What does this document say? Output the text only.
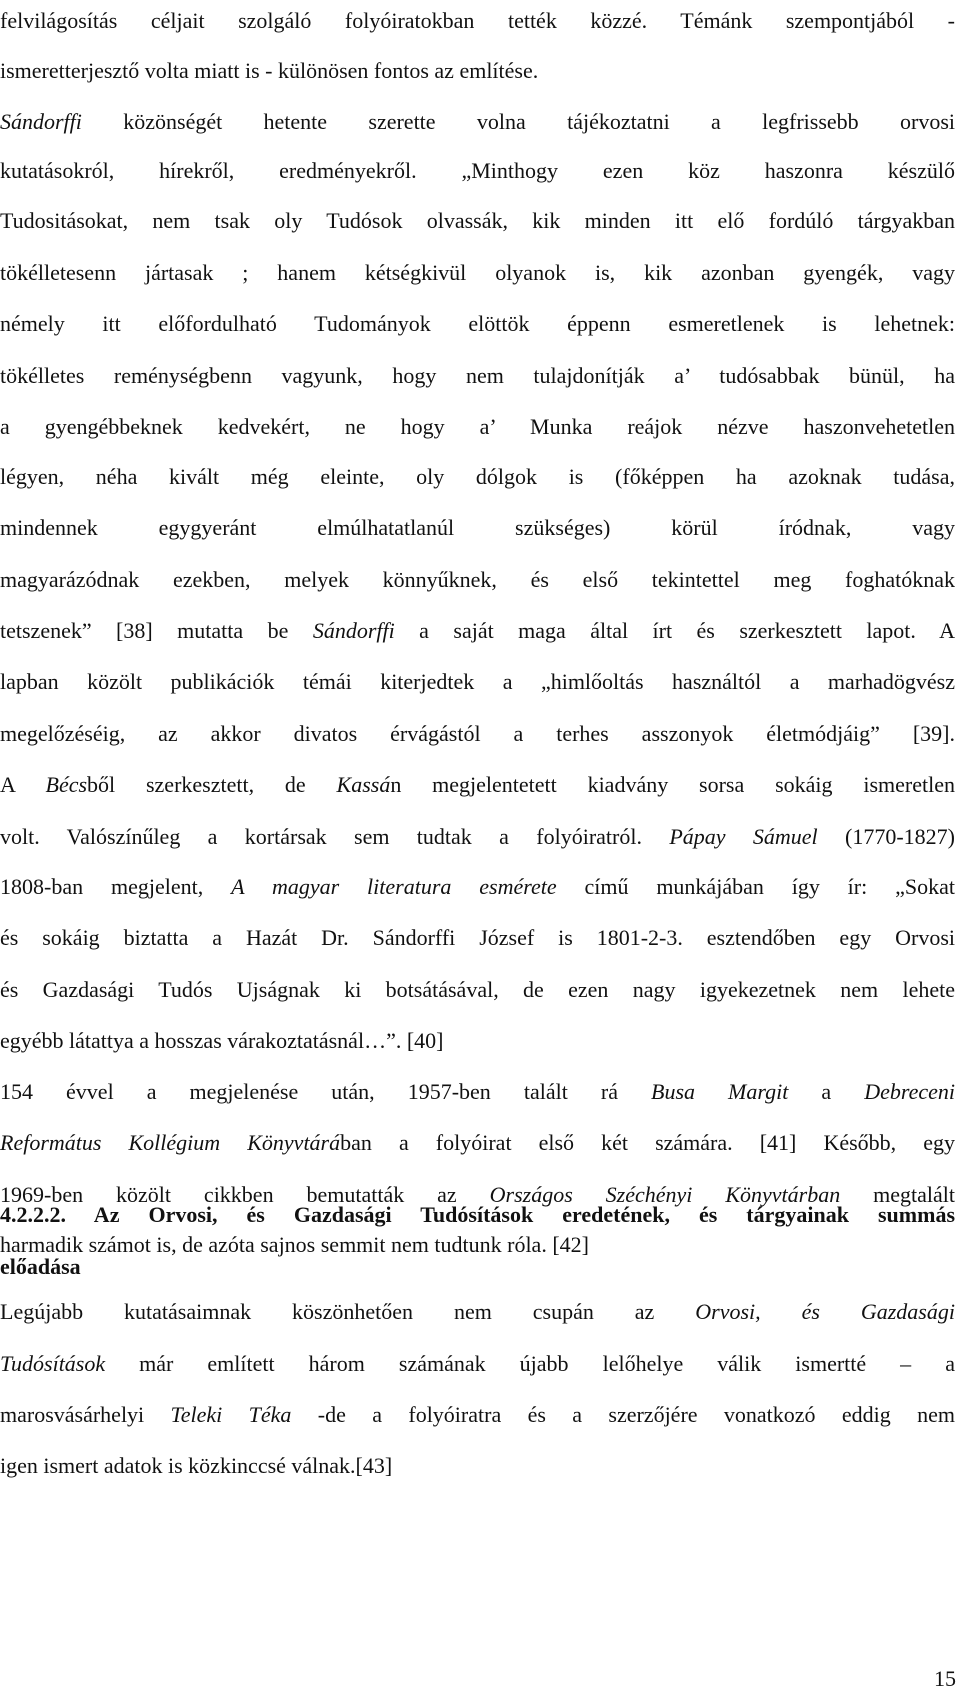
felvilágosítás céljait szolgáló folyóiratokban tették közzé. Témánk szempontjából -
ismeretterjesztő volta miatt is - különösen fontos az említése.
Sándorffi közönségét hetente szerette volna tájékoztatni a legfrissebb orvosi
kutatásokról, hírekről, eredményekről. „Minthogy ezen köz haszonra készülő
Tudositásokat, nem tsak oly Tudósok olvassák, kik minden itt elő fordúló tárgyakban
tökélletesenn jártasak ; hanem kétségkivül olyanok is, kik azonban gyengék, vagy
némely itt előfordulható Tudományok elöttök éppenn esmeretlenek is lehetnek:
tökélletes reménységbenn vagyunk, hogy nem tulajdonítják a’ tudósabbak bünül, ha
a gyengébbeknek kedvekért, ne hogy a’ Munka reájok nézve haszonvehetetlen
légyen, néha kivált még eleinte, oly dólgok is (főképpen ha azoknak tudása,
mindennek egygyeránt elmúlhatatlanúl szükséges) körül íródnak, vagy
magyarázódnak ezekben, melyek könnyűknek, és első tekintettel meg foghatóknak
tetszenek” [38] mutatta be Sándorffi a saját maga által írt és szerkesztett lapot. A
lapban közölt publikációk témái kiterjedtek a „himlőoltás használtól a marhadögvész
megelőzéséig, az akkor divatos érvágástól a terhes asszonyok életmódjáig” [39].
A Bécsből szerkesztett, de Kassán megjelentetett kiadvány sorsa sokáig ismeretlen
volt. Valószínűleg a kortársak sem tudtak a folyóiratról. Pápay Sámuel (1770-1827)
1808-ban megjelent, A magyar literatura esmérete című munkájában így ír: „Sokat
és sokáig biztatta a Hazát Dr. Sándorffi József is 1801-2-3. esztendőben egy Orvosi
és Gazdasági Tudós Ujságnak ki botsátásával, de ezen nagy igyekezetnek nem lehete
egyébb látattya a hosszas várakoztatásnál…”. [40]
154 évvel a megjelenése után, 1957-ben talált rá Busa Margit a Debreceni
Református Kollégium Könyvtárában a folyóirat első két számára. [41] Később, egy
1969-ben közölt cikkben bemutatták az Országos Széchényi Könyvtárban megtalált
harmadik számot is, de azóta sajnos semmit nem tudtunk róla. [42]
4.2.2.2. Az Orvosi, és Gazdasági Tudósítások eredetének, és tárgyainak summás
előadása
Legújabb kutatásaimnak köszönhetően nem csupán az Orvosi, és Gazdasági
Tudósítások már említett három számának újabb lelőhelye válik ismertté – a
marosvásárhelyi Teleki Téka -de a folyóiratra és a szerzőjére vonatkozó eddig nem
igen ismert adatok is közkinccsé válnak.[43]
15
